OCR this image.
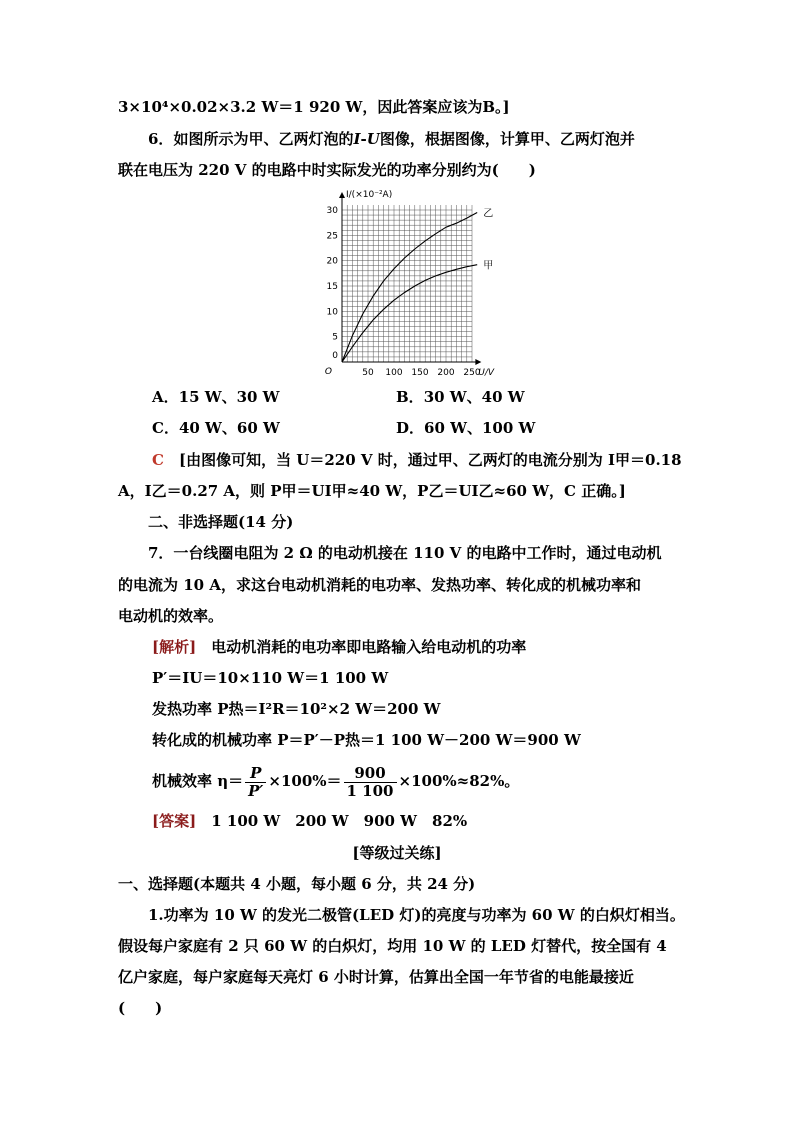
3×10⁴×0.02×3.2 W＝1 920 W，因此答案应该为B。]
6．如图所示为甲、乙两灯泡的I-U图像，根据图像，计算甲、乙两灯泡并
联在电压为 220 V 的电路中时实际发光的功率分别约为(　　)
50 100 150 200 250
5
10
15
20
25
30
0
O
I/(×10⁻²A)
U/V
乙
甲
A．15 W、30 W	B．30 W、40 W
C．40 W、60 W	D．60 W、100 W
C　 [由图像可知，当 U＝220 V 时，通过甲、乙两灯的电流分别为 I甲＝0.18
A，I乙＝0.27 A，则 P甲＝UI甲≈40 W，P乙＝UI乙≈60 W，C 正确。]
二、非选择题(14 分)
7．一台线圈电阻为 2 Ω 的电动机接在 110 V 的电路中工作时，通过电动机
的电流为 10 A，求这台电动机消耗的电功率、发热功率、转化成的机械功率和
电动机的效率。
[解析]　 电动机消耗的电功率即电路输入给电动机的功率
P′＝IU＝10×110 W＝1 100 W
发热功率 P热＝I²R＝10²×2 W＝200 W
转化成的机械功率 P＝P′－P热＝1 100 W－200 W＝900 W
机械效率 $\eta= \frac{P}{P'} \times 100\%= \frac{900}{1 100} \times 100\%\approx 82\%$。
[答案]　 1 100 W　200 W　900 W　82%
[等级过关练]
一、选择题(本题共 4 小题，每小题 6 分，共 24 分)
1.功率为 10 W 的发光二极管(LED 灯)的亮度与功率为 60 W 的白炽灯相当。
假设每户家庭有 2 只 60 W 的白炽灯，均用 10 W 的 LED 灯替代，按全国有 4
亿户家庭，每户家庭每天亮灯 6 小时计算，估算出全国一年节省的电能最接近
(　　)
